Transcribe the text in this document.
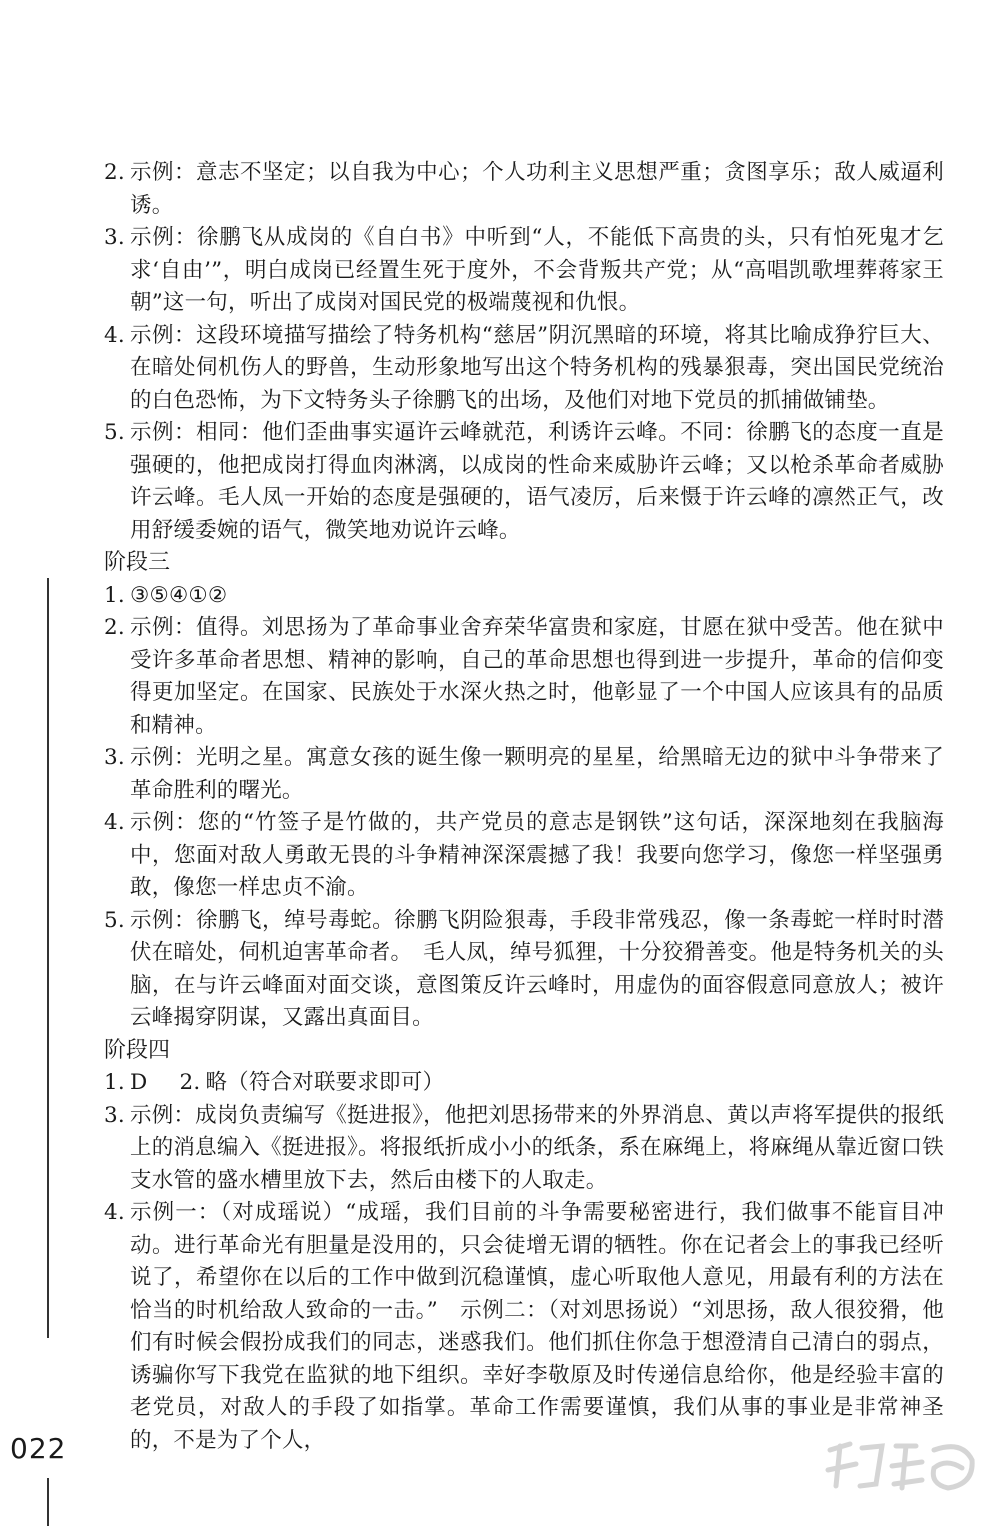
2. 示例：意志不坚定；以自我为中心；个人功利主义思想严重；贪图享乐；敌人威逼利诱。
3. 示例：徐鹏飞从成岗的《自白书》中听到“人，不能低下高贵的头，只有怕死鬼才乞求‘自由’”，明白成岗已经置生死于度外，不会背叛共产党；从“高唱凯歌埋葬蒋家王朝”这一句，听出了成岗对国民党的极端蔑视和仇恨。
4. 示例：这段环境描写描绘了特务机构“慈居”阴沉黑暗的环境，将其比喻成狰狞巨大、在暗处伺机伤人的野兽，生动形象地写出这个特务机构的残暴狠毒，突出国民党统治的白色恐怖，为下文特务头子徐鹏飞的出场，及他们对地下党员的抓捕做铺垫。
5. 示例：相同：他们歪曲事实逼许云峰就范，利诱许云峰。不同：徐鹏飞的态度一直是强硬的，他把成岗打得血肉淋漓，以成岗的性命来威胁许云峰；又以枪杀革命者威胁许云峰。毛人凤一开始的态度是强硬的，语气凌厉，后来慑于许云峰的凛然正气，改用舒缓委婉的语气，微笑地劝说许云峰。
阶段三
1. ③⑤④①②
2. 示例：值得。刘思扬为了革命事业舍弃荣华富贵和家庭，甘愿在狱中受苦。他在狱中受许多革命者思想、精神的影响，自己的革命思想也得到进一步提升，革命的信仰变得更加坚定。在国家、民族处于水深火热之时，他彰显了一个中国人应该具有的品质和精神。
3. 示例：光明之星。寓意女孩的诞生像一颗明亮的星星，给黑暗无边的狱中斗争带来了革命胜利的曙光。
4. 示例：您的“竹签子是竹做的，共产党员的意志是钢铁”这句话，深深地刻在我脑海中，您面对敌人勇敢无畏的斗争精神深深震撼了我！我要向您学习，像您一样坚强勇敢，像您一样忠贞不渝。
5. 示例：徐鹏飞，绰号毒蛇。徐鹏飞阴险狠毒，手段非常残忍，像一条毒蛇一样时时潜伏在暗处，伺机迫害革命者。　毛人凤，绰号狐狸，十分狡猾善变。他是特务机关的头脑，在与许云峰面对面交谈，意图策反许云峰时，用虚伪的面容假意同意放人；被许云峰揭穿阴谋，又露出真面目。
阶段四
1. D 2. 略（符合对联要求即可）
3. 示例：成岗负责编写《挺进报》，他把刘思扬带来的外界消息、黄以声将军提供的报纸上的消息编入《挺进报》。将报纸折成小小的纸条，系在麻绳上，将麻绳从靠近窗口铁支水管的盛水槽里放下去，然后由楼下的人取走。
4. 示例一：（对成瑶说）“成瑶，我们目前的斗争需要秘密进行，我们做事不能盲目冲动。进行革命光有胆量是没用的，只会徒增无谓的牺牲。你在记者会上的事我已经听说了，希望你在以后的工作中做到沉稳谨慎，虚心听取他人意见，用最有利的方法在恰当的时机给敌人致命的一击。”　示例二：（对刘思扬说）“刘思扬，敌人很狡猾，他们有时候会假扮成我们的同志，迷惑我们。他们抓住你急于想澄清自己清白的弱点，诱骗你写下我党在监狱的地下组织。幸好李敬原及时传递信息给你，他是经验丰富的老党员，对敌人的手段了如指掌。革命工作需要谨慎，我们从事的事业是非常神圣的，不是为了个人，
022
